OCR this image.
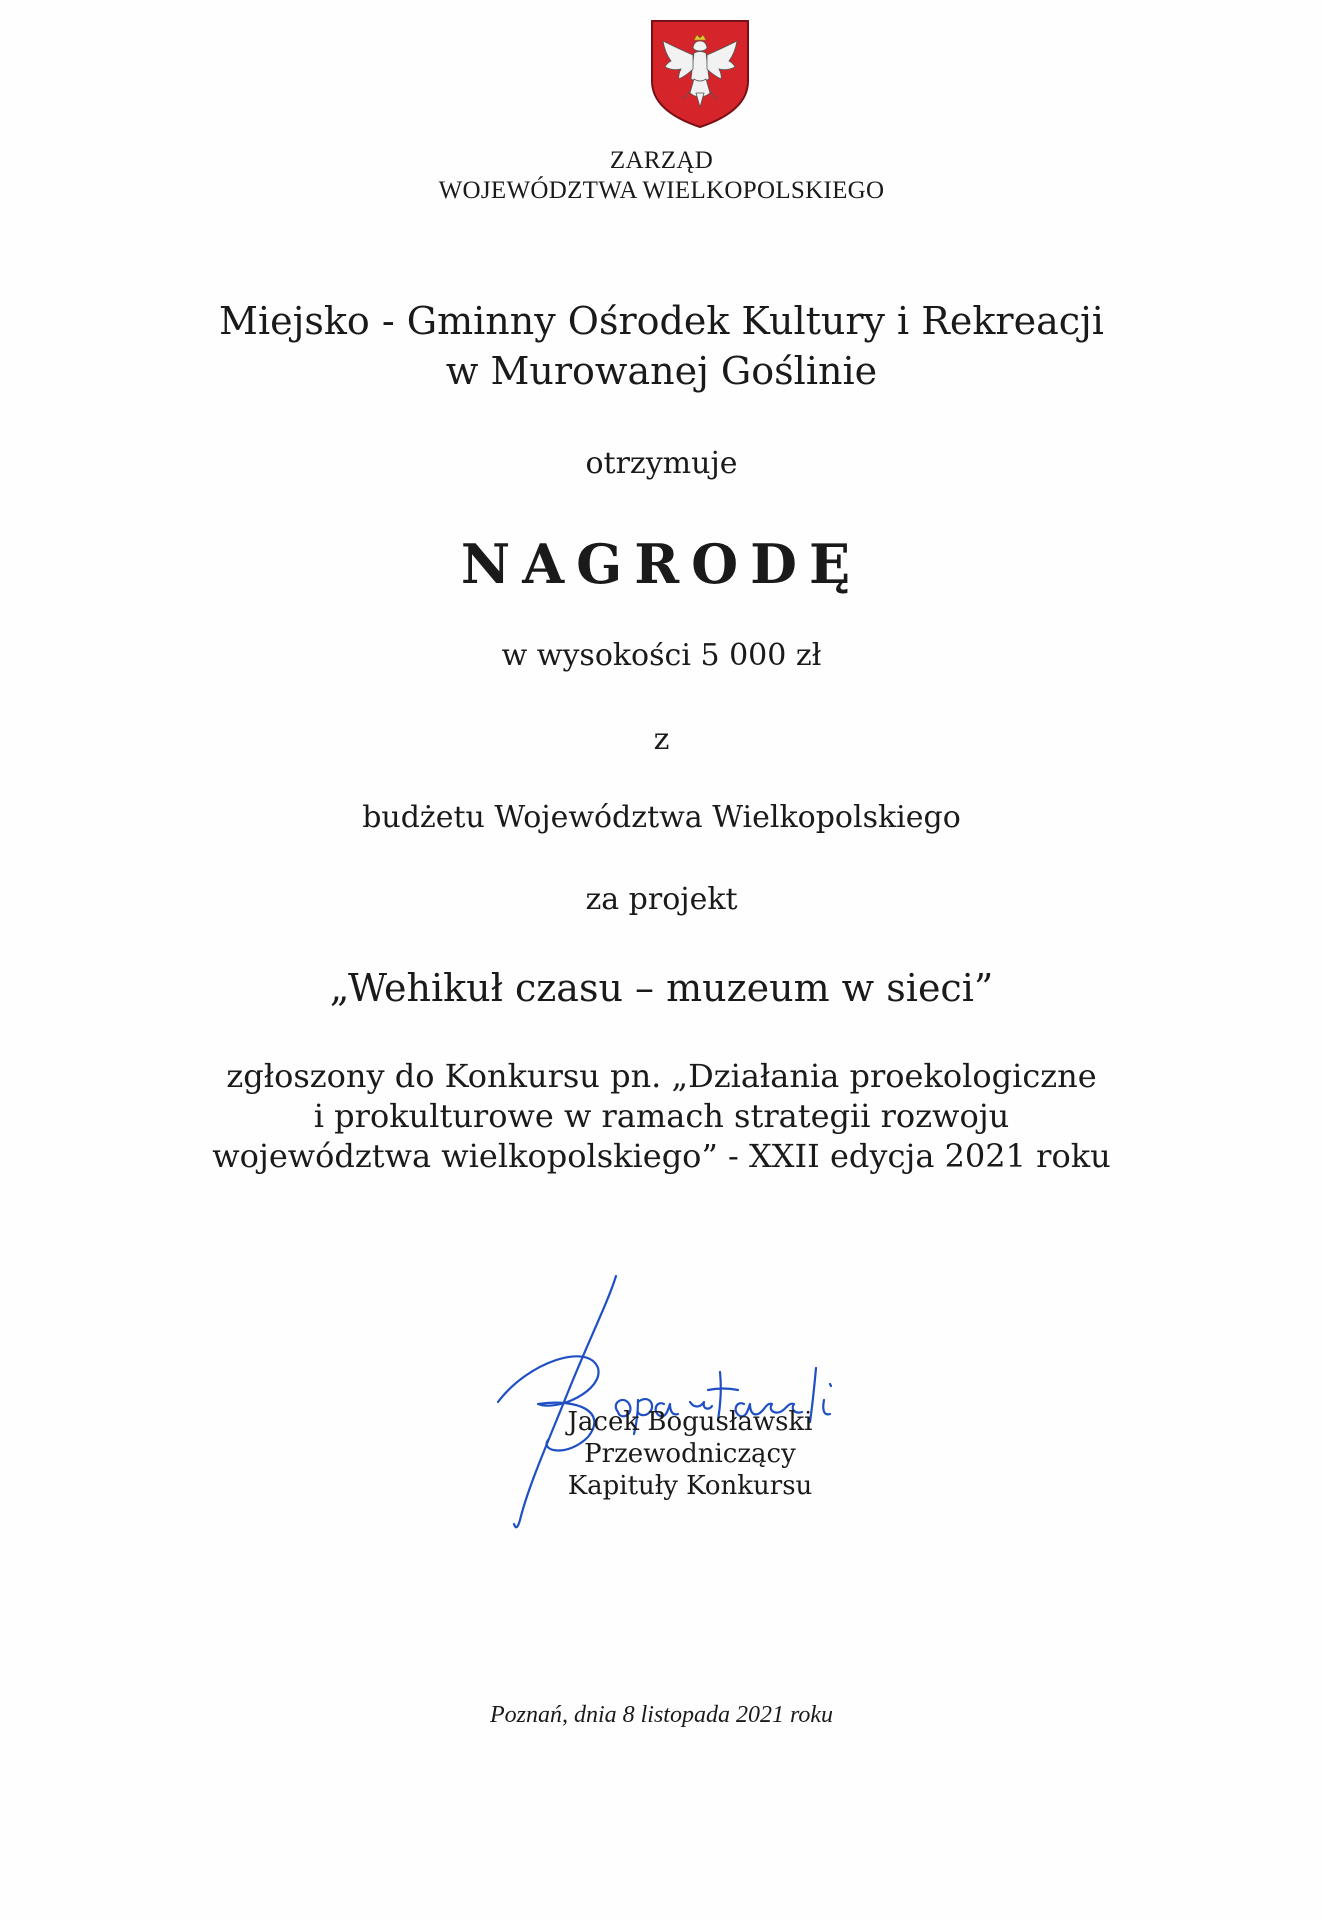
ZARZĄD
WOJEWÓDZTWA WIELKOPOLSKIEGO
Miejsko - Gminny Ośrodek Kultury i Rekreacji
w Murowanej Goślinie
otrzymuje
NAGRODĘ
w wysokości 5 000 zł
z
budżetu Województwa Wielkopolskiego
za projekt
„Wehikuł czasu – muzeum w sieci”
zgłoszony do Konkursu pn. „Działania proekologiczne
i prokulturowe w ramach strategii rozwoju
województwa wielkopolskiego” - XXII edycja 2021 roku
Jacek Bogusławski
Przewodniczący
Kapituły Konkursu
Poznań, dnia 8 listopada 2021 roku
